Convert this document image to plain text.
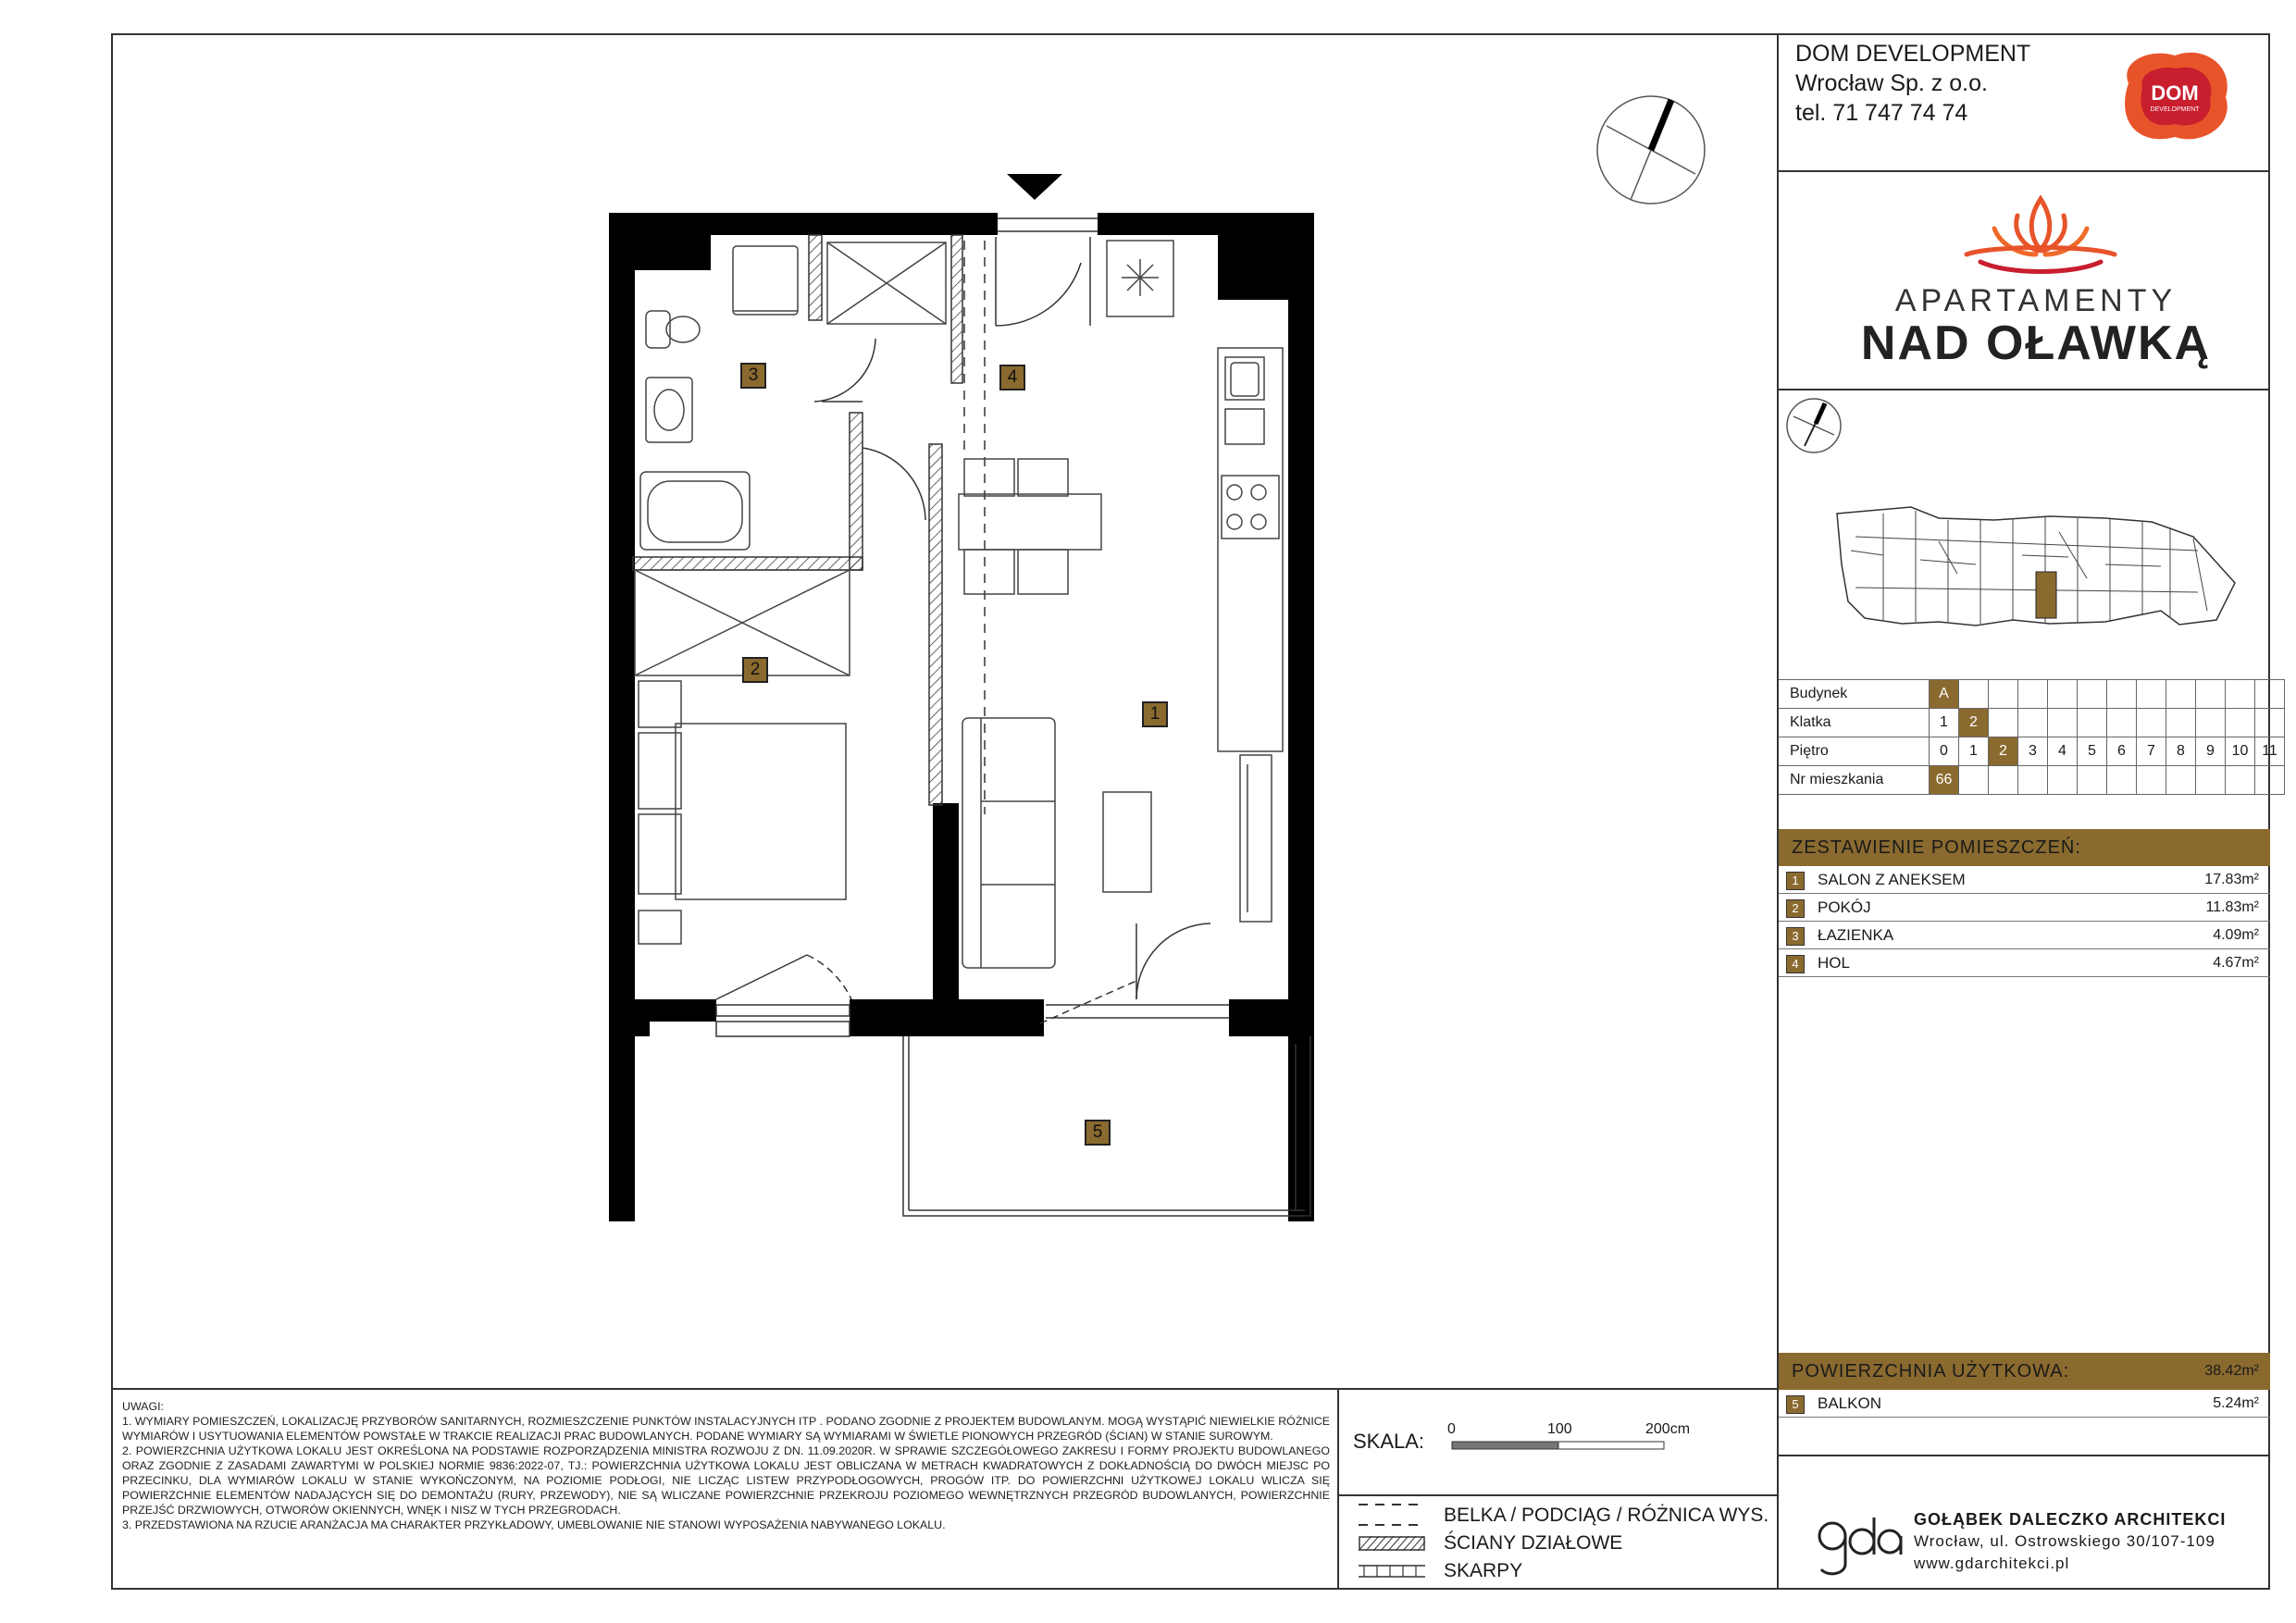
DOM DEVELOPMENT
Wrocław Sp. z o.o.
tel. 71 747 74 74
DOM
DEVELOPMENT
APARTAMENTY
NAD OŁAWKĄ
Budynek	A											
Klatka	1	2										
Piętro	0	1	2	3	4	5	6	7	8	9	10	11
Nr mieszkania	66											
ZESTAWIENIE POMIESZCZEŃ:
1	SALON Z ANEKSEM	17.83m²
2	POKÓJ	11.83m²
3	ŁAZIENKA	4.09m²
4	HOL	4.67m²
POWIERZCHNIA UŻYTKOWA:	38.42m²
5	BALKON	5.24m²
UWAGI:
1. WYMIARY POMIESZCZEŃ, LOKALIZACJĘ PRZYBORÓW SANITARNYCH, ROZMIESZCZENIE PUNKTÓW INSTALACYJNYCH ITP . PODANO ZGODNIE Z PROJEKTEM BUDOWLANYM. MOGĄ WYSTĄPIĆ NIEWIELKIE RÓŻNICE WYMIARÓW I USYTUOWANIA ELEMENTÓW POWSTAŁE W TRAKCIE REALIZACJI PRAC BUDOWLANYCH. PODANE WYMIARY SĄ WYMIARAMI W ŚWIETLE PIONOWYCH PRZEGRÓD (ŚCIAN) W STANIE SUROWYM.
2. POWIERZCHNIA UŻYTKOWA LOKALU JEST OKREŚLONA NA PODSTAWIE ROZPORZĄDZENIA MINISTRA ROZWOJU Z DN. 11.09.2020R. W SPRAWIE SZCZEGÓŁOWEGO ZAKRESU I FORMY PROJEKTU BUDOWLANEGO ORAZ ZGODNIE Z ZASADAMI ZAWARTYMI W POLSKIEJ NORMIE 9836:2022-07, TJ.: POWIERZCHNIA UŻYTKOWA LOKALU JEST OBLICZANA W METRACH KWADRATOWYCH Z DOKŁADNOŚCIĄ DO DWÓCH MIEJSC PO PRZECINKU, DLA WYMIARÓW LOKALU W STANIE WYKOŃCZONYM, NA POZIOMIE PODŁOGI, NIE LICZĄC LISTEW PRZYPODŁOGOWYCH, PROGÓW ITP. DO POWIERZCHNI UŻYTKOWEJ LOKALU WLICZA SIĘ POWIERZCHNIE ELEMENTÓW NADAJĄCYCH SIĘ DO DEMONTAŻU (RURY, PRZEWODY), NIE SĄ WLICZANE POWIERZCHNIE PRZEKROJU POZIOMEGO WEWNĘTRZNYCH PRZEGRÓD BUDOWLANYCH, POWIERZCHNIE PRZEJŚĆ DRZWIOWYCH, OTWORÓW OKIENNYCH, WNĘK I NISZ W TYCH PRZEGRODACH.
3. PRZEDSTAWIONA NA RZUCIE ARANŻACJA MA CHARAKTER PRZYKŁADOWY, UMEBLOWANIE NIE STANOWI WYPOSAŻENIA NABYWANEGO LOKALU.
SKALA:
0	100	200cm
BELKA / PODCIĄG / RÓŻNICA WYS.
ŚCIANY DZIAŁOWE
SKARPY
GOŁĄBEK DALECZKO ARCHITEKCI
Wrocław, ul. Ostrowskiego 30/107-109
www.gdarchitekci.pl
1
2
3	4
5
